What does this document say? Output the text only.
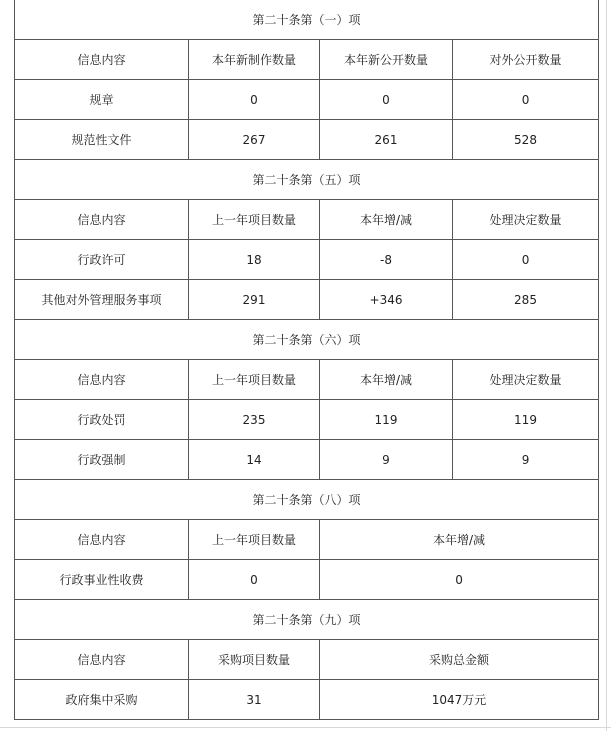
第二十条第（一）项			
信息内容	本年新制作数量	本年新公开数量	对外公开数量
规章	0	0	0
规范性文件	267	261	528
第二十条第（五）项			
信息内容	上一年项目数量	本年增/减	处理决定数量
行政许可	18	-8	0
其他对外管理服务事项	291	+346	285
第二十条第（六）项			
信息内容	上一年项目数量	本年增/减	处理决定数量
行政处罚	235	119	119
行政强制	14	9	9
第二十条第（八）项			
信息内容	上一年项目数量	本年增/减	
行政事业性收费	0	0	
第二十条第（九）项			
信息内容	采购项目数量	采购总金额	
政府集中采购	31	1047万元	
